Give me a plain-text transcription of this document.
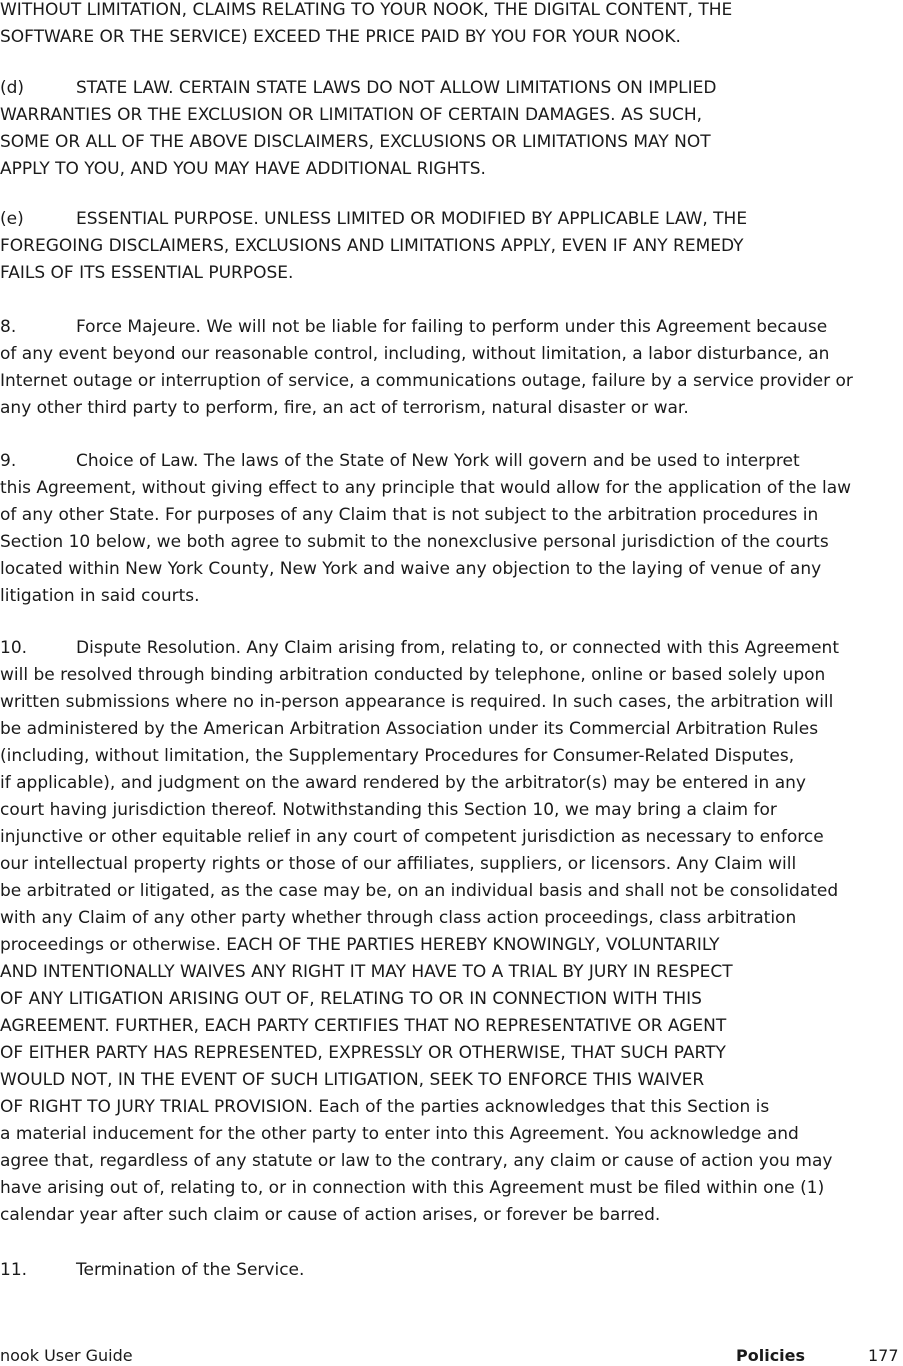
WITHOUT LIMITATION, CLAIMS RELATING TO YOUR NOOK, THE DIGITAL CONTENT, THE
SOFTWARE OR THE SERVICE) EXCEED THE PRICE PAID BY YOU FOR YOUR NOOK.
(d)	STATE LAW. CERTAIN STATE LAWS DO NOT ALLOW LIMITATIONS ON IMPLIED
WARRANTIES OR THE EXCLUSION OR LIMITATION OF CERTAIN DAMAGES. AS SUCH,
SOME OR ALL OF THE ABOVE DISCLAIMERS, EXCLUSIONS OR LIMITATIONS MAY NOT
APPLY TO YOU, AND YOU MAY HAVE ADDITIONAL RIGHTS.
(e)	ESSENTIAL PURPOSE. UNLESS LIMITED OR MODIFIED BY APPLICABLE LAW, THE
FOREGOING DISCLAIMERS, EXCLUSIONS AND LIMITATIONS APPLY, EVEN IF ANY REMEDY
FAILS OF ITS ESSENTIAL PURPOSE.
8.	Force Majeure. We will not be liable for failing to perform under this Agreement because
of any event beyond our reasonable control, including, without limitation, a labor disturbance, an
Internet outage or interruption of service, a communications outage, failure by a service provider or
any other third party to perform, fire, an act of terrorism, natural disaster or war.
9.	Choice of Law. The laws of the State of New York will govern and be used to interpret
this Agreement, without giving effect to any principle that would allow for the application of the law
of any other State. For purposes of any Claim that is not subject to the arbitration procedures in
Section 10 below, we both agree to submit to the nonexclusive personal jurisdiction of the courts
located within New York County, New York and waive any objection to the laying of venue of any
litigation in said courts.
10.	Dispute Resolution. Any Claim arising from, relating to, or connected with this Agreement
will be resolved through binding arbitration conducted by telephone, online or based solely upon
written submissions where no in-person appearance is required. In such cases, the arbitration will
be administered by the American Arbitration Association under its Commercial Arbitration Rules
(including, without limitation, the Supplementary Procedures for Consumer-Related Disputes,
if applicable), and judgment on the award rendered by the arbitrator(s) may be entered in any
court having jurisdiction thereof. Notwithstanding this Section 10, we may bring a claim for
injunctive or other equitable relief in any court of competent jurisdiction as necessary to enforce
our intellectual property rights or those of our affiliates, suppliers, or licensors. Any Claim will
be arbitrated or litigated, as the case may be, on an individual basis and shall not be consolidated
with any Claim of any other party whether through class action proceedings, class arbitration
proceedings or otherwise. EACH OF THE PARTIES HEREBY KNOWINGLY, VOLUNTARILY
AND INTENTIONALLY WAIVES ANY RIGHT IT MAY HAVE TO A TRIAL BY JURY IN RESPECT
OF ANY LITIGATION ARISING OUT OF, RELATING TO OR IN CONNECTION WITH THIS
AGREEMENT. FURTHER, EACH PARTY CERTIFIES THAT NO REPRESENTATIVE OR AGENT
OF EITHER PARTY HAS REPRESENTED, EXPRESSLY OR OTHERWISE, THAT SUCH PARTY
WOULD NOT, IN THE EVENT OF SUCH LITIGATION, SEEK TO ENFORCE THIS WAIVER
OF RIGHT TO JURY TRIAL PROVISION. Each of the parties acknowledges that this Section is
a material inducement for the other party to enter into this Agreement. You acknowledge and
agree that, regardless of any statute or law to the contrary, any claim or cause of action you may
have arising out of, relating to, or in connection with this Agreement must be filed within one (1)
calendar year after such claim or cause of action arises, or forever be barred.
11.	Termination of the Service.
nook User Guide	Policies	177
